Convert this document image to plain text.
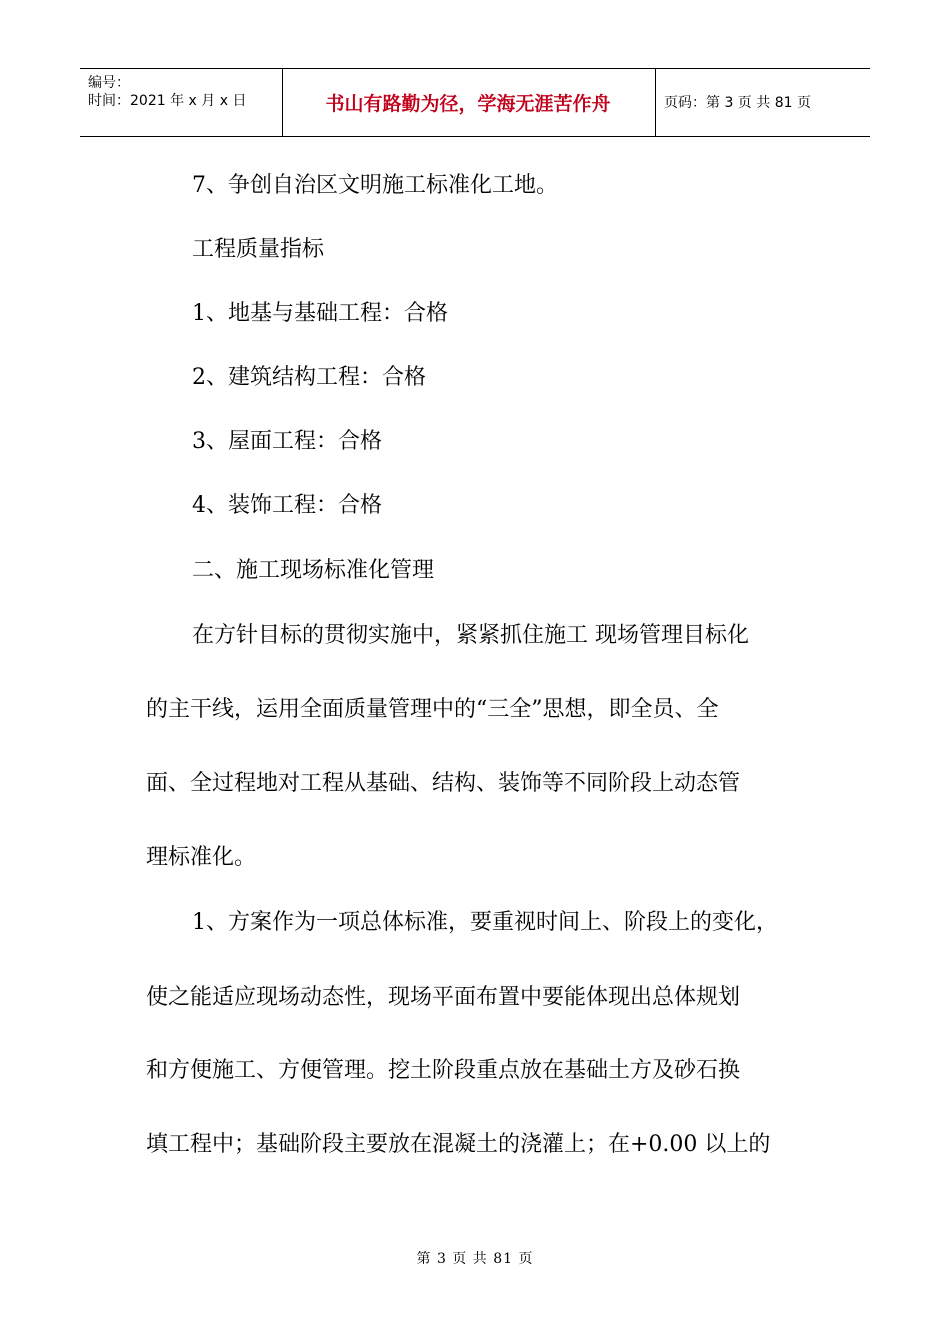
编号：
时间：2021 年 x 月 x 日	书山有路勤为径，学海无涯苦作舟	页码：第 3 页 共 81 页
7、争创自治区文明施工标准化工地。
工程质量指标
1、地基与基础工程：合格
2、建筑结构工程：合格
3、屋面工程：合格
4、装饰工程：合格
二、施工现场标准化管理
在方针目标的贯彻实施中，紧紧抓住施工 现场管理目标化
的主干线，运用全面质量管理中的“三全”思想，即全员、全
面、全过程地对工程从基础、结构、装饰等不同阶段上动态管
理标准化。
1、方案作为一项总体标准，要重视时间上、阶段上的变化，
使之能适应现场动态性，现场平面布置中要能体现出总体规划
和方便施工、方便管理。挖土阶段重点放在基础土方及砂石换
填工程中；基础阶段主要放在混凝土的浇灌上；在+0.00 以上的
第 3 页 共 81 页
